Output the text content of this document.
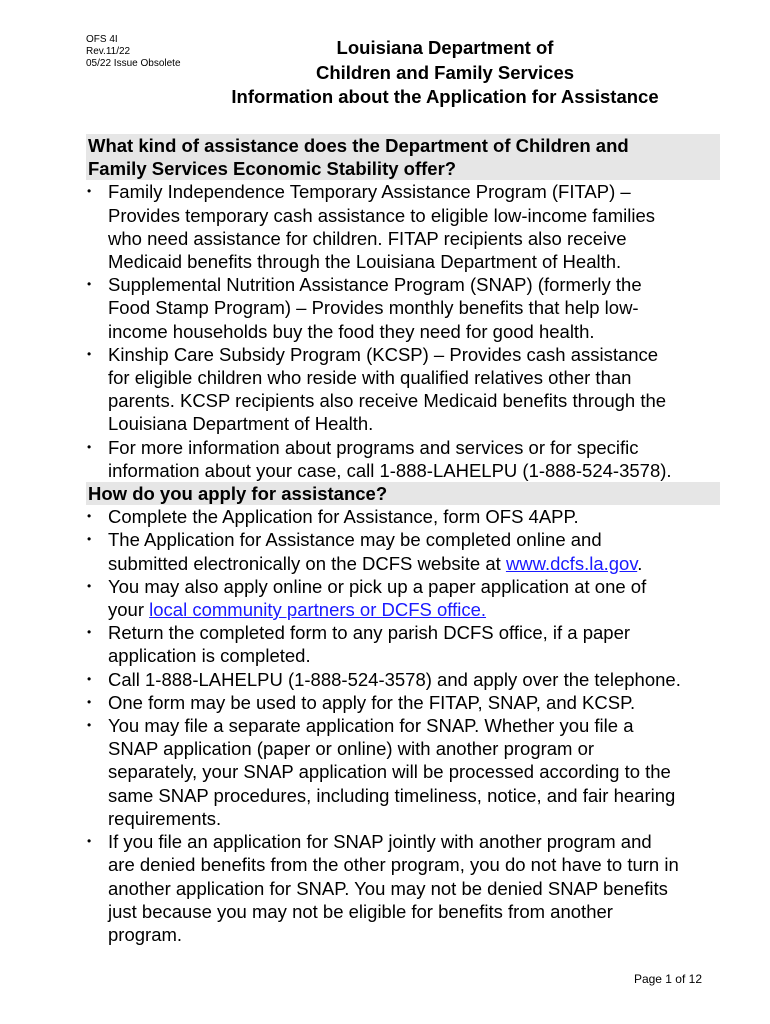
OFS 4I
Rev.11/22
05/22 Issue Obsolete
Louisiana Department of
Children and Family Services
Information about the Application for Assistance
What kind of assistance does the Department of Children and
Family Services Economic Stability offer?
• Family Independence Temporary Assistance Program (FITAP) –
Provides temporary cash assistance to eligible low-income families
who need assistance for children. FITAP recipients also receive
Medicaid benefits through the Louisiana Department of Health.
• Supplemental Nutrition Assistance Program (SNAP) (formerly the
Food Stamp Program) – Provides monthly benefits that help low-
income households buy the food they need for good health.
• Kinship Care Subsidy Program (KCSP) – Provides cash assistance
for eligible children who reside with qualified relatives other than
parents. KCSP recipients also receive Medicaid benefits through the
Louisiana Department of Health.
• For more information about programs and services or for specific
information about your case, call 1-888-LAHELPU (1-888-524-3578).
How do you apply for assistance?
• Complete the Application for Assistance, form OFS 4APP.
• The Application for Assistance may be completed online and
submitted electronically on the DCFS website at www.dcfs.la.gov.
• You may also apply online or pick up a paper application at one of
your local community partners or DCFS office.
• Return the completed form to any parish DCFS office, if a paper
application is completed.
• Call 1-888-LAHELPU (1-888-524-3578) and apply over the telephone.
• One form may be used to apply for the FITAP, SNAP, and KCSP.
• You may file a separate application for SNAP. Whether you file a
SNAP application (paper or online) with another program or
separately, your SNAP application will be processed according to the
same SNAP procedures, including timeliness, notice, and fair hearing
requirements.
• If you file an application for SNAP jointly with another program and
are denied benefits from the other program, you do not have to turn in
another application for SNAP. You may not be denied SNAP benefits
just because you may not be eligible for benefits from another
program.
Page 1 of 12
